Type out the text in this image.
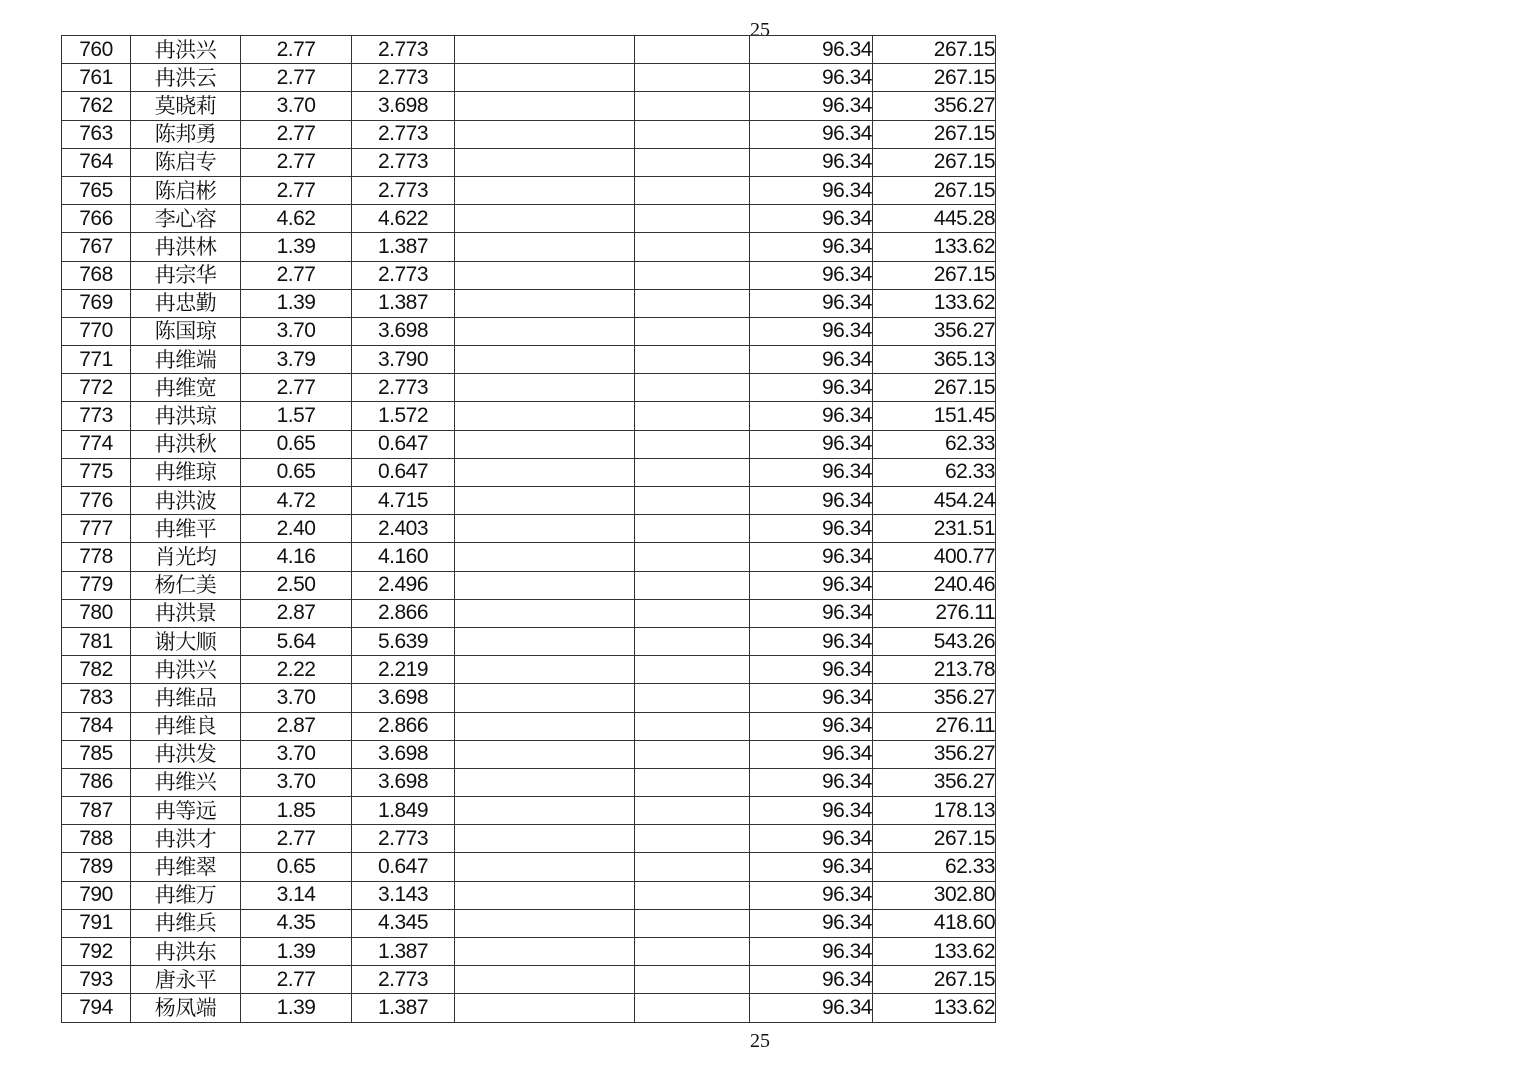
25
760	冉洪兴	2.77	2.773			96.34	267.15
761	冉洪云	2.77	2.773			96.34	267.15
762	莫晓莉	3.70	3.698			96.34	356.27
763	陈邦勇	2.77	2.773			96.34	267.15
764	陈启专	2.77	2.773			96.34	267.15
765	陈启彬	2.77	2.773			96.34	267.15
766	李心容	4.62	4.622			96.34	445.28
767	冉洪林	1.39	1.387			96.34	133.62
768	冉宗华	2.77	2.773			96.34	267.15
769	冉忠勤	1.39	1.387			96.34	133.62
770	陈国琼	3.70	3.698			96.34	356.27
771	冉维端	3.79	3.790			96.34	365.13
772	冉维宽	2.77	2.773			96.34	267.15
773	冉洪琼	1.57	1.572			96.34	151.45
774	冉洪秋	0.65	0.647			96.34	62.33
775	冉维琼	0.65	0.647			96.34	62.33
776	冉洪波	4.72	4.715			96.34	454.24
777	冉维平	2.40	2.403			96.34	231.51
778	肖光均	4.16	4.160			96.34	400.77
779	杨仁美	2.50	2.496			96.34	240.46
780	冉洪景	2.87	2.866			96.34	276.11
781	谢大顺	5.64	5.639			96.34	543.26
782	冉洪兴	2.22	2.219			96.34	213.78
783	冉维品	3.70	3.698			96.34	356.27
784	冉维良	2.87	2.866			96.34	276.11
785	冉洪发	3.70	3.698			96.34	356.27
786	冉维兴	3.70	3.698			96.34	356.27
787	冉等远	1.85	1.849			96.34	178.13
788	冉洪才	2.77	2.773			96.34	267.15
789	冉维翠	0.65	0.647			96.34	62.33
790	冉维万	3.14	3.143			96.34	302.80
791	冉维兵	4.35	4.345			96.34	418.60
792	冉洪东	1.39	1.387			96.34	133.62
793	唐永平	2.77	2.773			96.34	267.15
794	杨凤端	1.39	1.387			96.34	133.62
25
